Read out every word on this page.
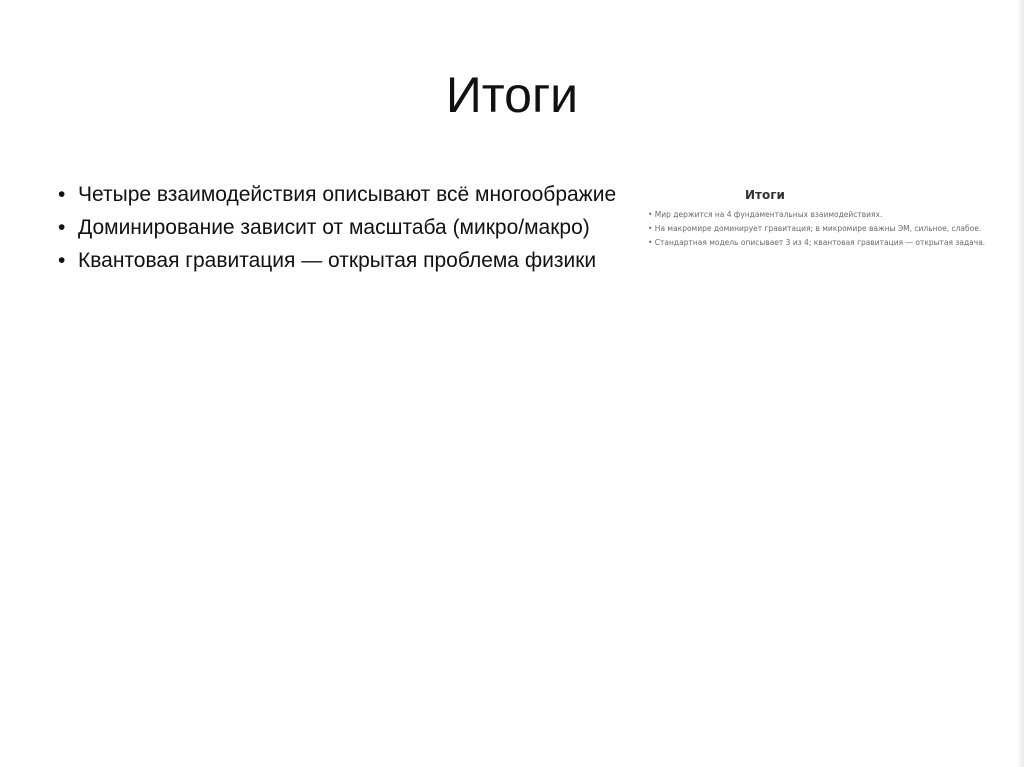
Итоги
• Четыре взаимодействия описывают всё многоображие
• Доминирование зависит от масштаба (микро/макро)
• Квантовая гравитация — открытая проблема физики
Итоги
• Мир держится на 4 фундаментальных взаимодействиях.
• На макромире доминирует гравитация; в микромире важны ЭМ, сильное, слабое.
• Стандартная модель описывает 3 из 4; квантовая гравитация — открытая задача.
